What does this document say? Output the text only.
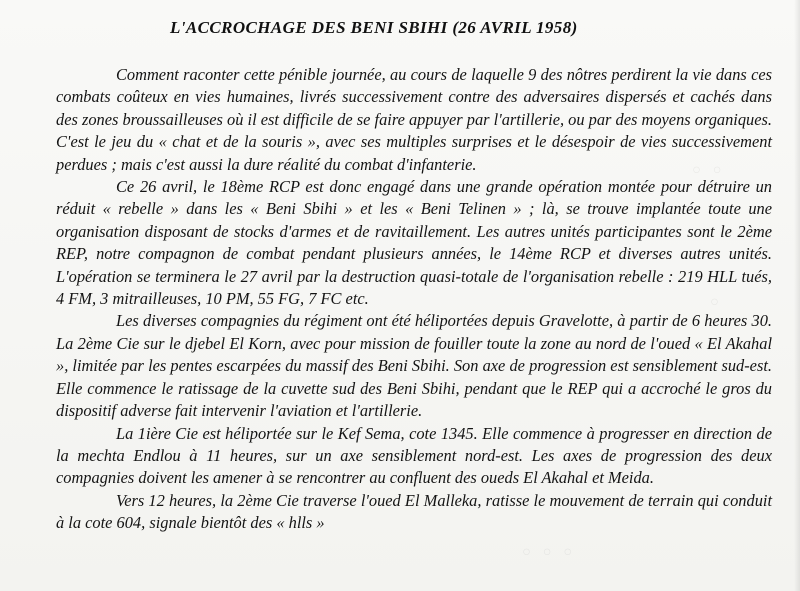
◦ ◦
◦
◦ ◦ ◦
L'ACCROCHAGE DES BENI SBIHI (26 AVRIL 1958)

Comment raconter cette pénible journée, au cours de laquelle 9 des nôtres perdirent la vie dans ces combats coûteux en vies humaines, livrés successivement contre des adversaires dispersés et cachés dans des zones broussailleuses où il est difficile de se faire appuyer par l'artillerie, ou par des moyens organiques. C'est le jeu du « chat et de la souris », avec ses multiples surprises et le désespoir de vies successivement perdues ; mais c'est aussi la dure réalité du combat d'infanterie.

Ce 26 avril, le 18ème RCP est donc engagé dans une grande opération montée pour détruire un réduit « rebelle » dans les « Beni Sbihi » et les « Beni Telinen » ; là, se trouve implantée toute une organisation disposant de stocks d'armes et de ravitaillement. Les autres unités participantes sont le 2ème REP, notre compagnon de combat pendant plusieurs années, le 14ème RCP et diverses autres unités. L'opération se terminera le 27 avril par la destruction quasi-totale de l'organisation rebelle : 219 HLL tués, 4 FM, 3 mitrailleuses, 10 PM, 55 FG, 7 FC etc.

Les diverses compagnies du régiment ont été héliportées depuis Gravelotte, à partir de 6 heures 30. La 2ème Cie sur le djebel El Korn, avec pour mission de fouiller toute la zone au nord de l'oued « El Akahal », limitée par les pentes escarpées du massif des Beni Sbihi. Son axe de progression est sensiblement sud-est. Elle commence le ratissage de la cuvette sud des Beni Sbihi, pendant que le REP qui a accroché le gros du dispositif adverse fait intervenir l'aviation et l'artillerie.

La 1ière Cie est héliportée sur le Kef Sema, cote 1345. Elle commence à progresser en direction de la mechta Endlou à 11 heures, sur un axe sensiblement nord-est. Les axes de progression des deux compagnies doivent les amener à se rencontrer au confluent des oueds El Akahal et Meida.

Vers 12 heures, la 2ème Cie traverse l'oued El Malleka, ratisse le mouvement de terrain qui conduit à la cote 604, signale bientôt des « hlls »
